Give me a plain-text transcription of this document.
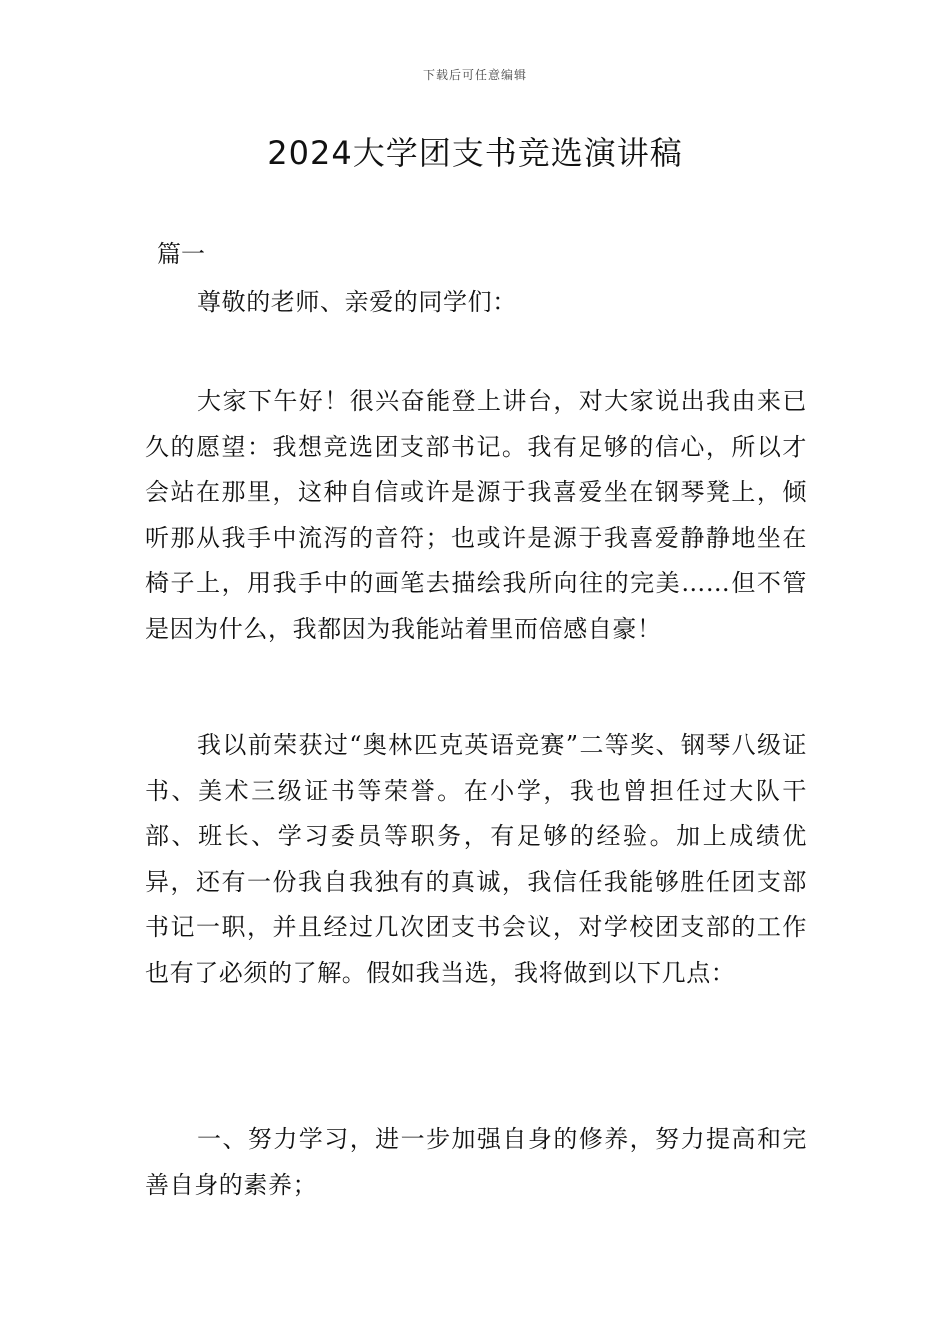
下载后可任意编辑
2024大学团支书竞选演讲稿

篇一

尊敬的老师、亲爱的同学们：

大家下午好！很兴奋能登上讲台，对大家说出我由来已久的愿望：我想竞选团支部书记。我有足够的信心，所以才会站在那里，这种自信或许是源于我喜爱坐在钢琴凳上，倾听那从我手中流泻的音符；也或许是源于我喜爱静静地坐在椅子上，用我手中的画笔去描绘我所向往的完美……但不管是因为什么，我都因为我能站着里而倍感自豪！

我以前荣获过“奥林匹克英语竞赛”二等奖、钢琴八级证书、美术三级证书等荣誉。在小学，我也曾担任过大队干部、班长、学习委员等职务，有足够的经验。加上成绩优异，还有一份我自我独有的真诚，我信任我能够胜任团支部书记一职，并且经过几次团支书会议，对学校团支部的工作也有了必须的了解。假如我当选，我将做到以下几点：

一、努力学习，进一步加强自身的修养，努力提高和完善自身的素养；
